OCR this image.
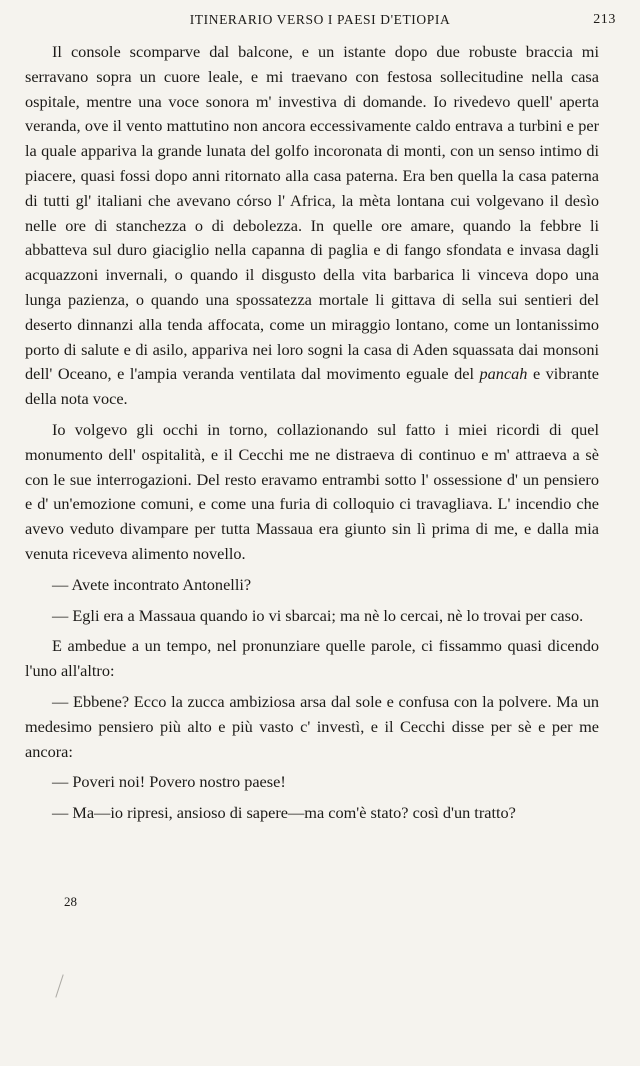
ITINERARIO VERSO I PAESI D'ETIOPIA	213

Il console scomparve dal balcone, e un istante dopo due robuste braccia mi serravano sopra un cuore leale, e mi traevano con festosa sollecitudine nella casa ospitale, mentre una voce sonora m' investiva di domande. Io rivedevo quell' aperta veranda, ove il vento mattutino non ancora eccessivamente caldo entrava a turbini e per la quale appariva la grande lunata del golfo incoronata di monti, con un senso intimo di piacere, quasi fossi dopo anni ritornato alla casa paterna. Era ben quella la casa paterna di tutti gl' italiani che avevano córso l' Africa, la mèta lontana cui volgevano il desìo nelle ore di stanchezza o di debolezza. In quelle ore amare, quando la febbre li abbatteva sul duro giaciglio nella capanna di paglia e di fango sfondata e invasa dagli acquazzoni invernali, o quando il disgusto della vita barbarica li vinceva dopo una lunga pazienza, o quando una spossatezza mortale li gittava di sella sui sentieri del deserto dinnanzi alla tenda affocata, come un miraggio lontano, come un lontanissimo porto di salute e di asilo, appariva nei loro sogni la casa di Aden squassata dai monsoni dell' Oceano, e l'ampia veranda ventilata dal movimento eguale del pancah e vibrante della nota voce.

Io volgevo gli occhi in torno, collazionando sul fatto i miei ricordi di quel monumento dell' ospitalità, e il Cecchi me ne distraeva di continuo e m' attraeva a sè con le sue interrogazioni. Del resto eravamo entrambi sotto l' ossessione d' un pensiero e d' un'emozione comuni, e come una furia di colloquio ci travagliava. L' incendio che avevo veduto divampare per tutta Massaua era giunto sin lì prima di me, e dalla mia venuta riceveva alimento novello.

— Avete incontrato Antonelli?

— Egli era a Massaua quando io vi sbarcai; ma nè lo cercai, nè lo trovai per caso.

E ambedue a un tempo, nel pronunziare quelle parole, ci fissammo quasi dicendo l'uno all'altro:

— Ebbene? Ecco la zucca ambiziosa arsa dal sole e confusa con la polvere. Ma un medesimo pensiero più alto e più vasto c' investì, e il Cecchi disse per sè e per me ancora:

— Poveri noi! Povero nostro paese!

— Ma—io ripresi, ansioso di sapere—ma com'è stato? così d'un tratto?

28
